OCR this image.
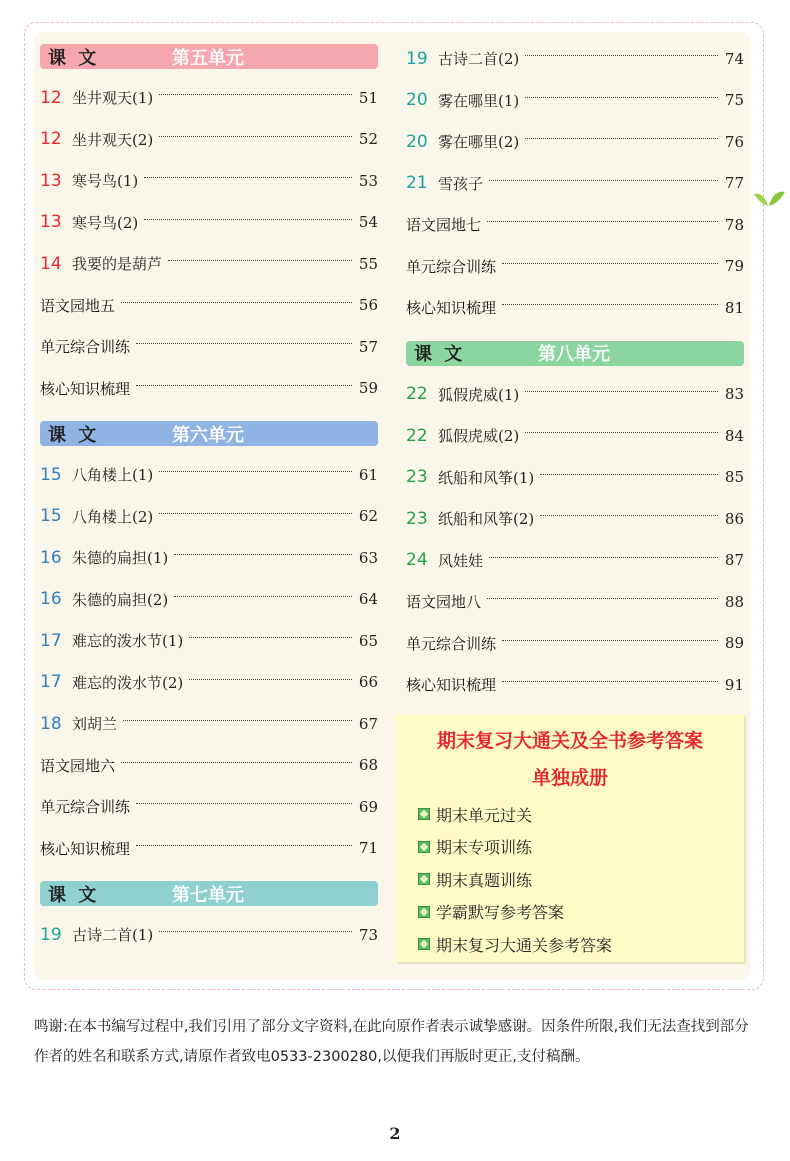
课 文	第五单元
12 坐井观天(1)	51
12 坐井观天(2)	52
13 寒号鸟(1)	53
13 寒号鸟(2)	54
14 我要的是葫芦	55
语文园地五	56
单元综合训练	57
核心知识梳理	59
课 文	第六单元
15 八角楼上(1)	61
15 八角楼上(2)	62
16 朱德的扁担(1)	63
16 朱德的扁担(2)	64
17 难忘的泼水节(1)	65
17 难忘的泼水节(2)	66
18 刘胡兰	67
语文园地六	68
单元综合训练	69
核心知识梳理	71
课 文	第七单元
19 古诗二首(1)	73
19 古诗二首(2)	74
20 雾在哪里(1)	75
20 雾在哪里(2)	76
21 雪孩子	77
语文园地七	78
单元综合训练	79
核心知识梳理	81
课 文	第八单元
22 狐假虎威(1)	83
22 狐假虎威(2)	84
23 纸船和风筝(1)	85
23 纸船和风筝(2)	86
24 风娃娃	87
语文园地八	88
单元综合训练	89
核心知识梳理	91
期末复习大通关及全书参考答案
单独成册
期末单元过关
期末专项训练
期末真题训练
学霸默写参考答案
期末复习大通关参考答案
鸣谢:在本书编写过程中,我们引用了部分文字资料,在此向原作者表示诚挚感谢。因条件所限,我们无法查找到部分作者的姓名和联系方式,请原作者致电0533-2300280,以便我们再版时更正,支付稿酬。
2
